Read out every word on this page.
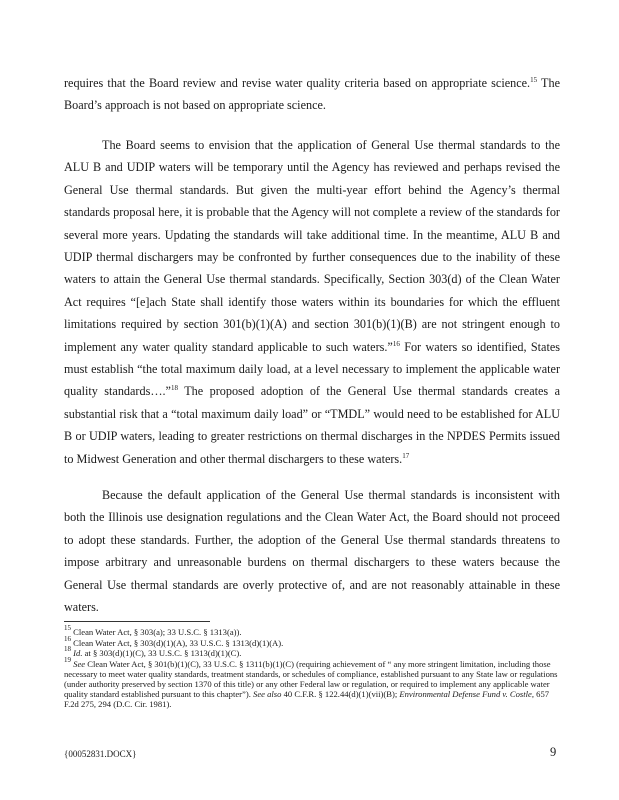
requires that the Board review and revise water quality criteria based on appropriate science.$^{15}$ The Board’s approach is not based on appropriate science.

The Board seems to envision that the application of General Use thermal standards to the ALU B and UDIP waters will be temporary until the Agency has reviewed and perhaps revised the General Use thermal standards. But given the multi-year effort behind the Agency’s thermal standards proposal here, it is probable that the Agency will not complete a review of the standards for several more years. Updating the standards will take additional time. In the meantime, ALU B and UDIP thermal dischargers may be confronted by further consequences due to the inability of these waters to attain the General Use thermal standards. Specifically, Section 303(d) of the Clean Water Act requires “[e]ach State shall identify those waters within its boundaries for which the effluent limitations required by section 301(b)(1)(A) and section 301(b)(1)(B) are not stringent enough to implement any water quality standard applicable to such waters.”$^{16}$ For waters so identified, States must establish “the total maximum daily load, at a level necessary to implement the applicable water quality standards….”$^{18}$ The proposed adoption of the General Use thermal standards creates a substantial risk that a “total maximum daily load” or “TMDL” would need to be established for ALU B or UDIP waters, leading to greater restrictions on thermal discharges in the NPDES Permits issued to Midwest Generation and other thermal dischargers to these waters.$^{17}$

Because the default application of the General Use thermal standards is inconsistent with both the Illinois use designation regulations and the Clean Water Act, the Board should not proceed to adopt these standards. Further, the adoption of the General Use thermal standards threatens to impose arbitrary and unreasonable burdens on thermal dischargers to these waters because the General Use thermal standards are overly protective of, and are not reasonably attainable in these waters.

$^{15}$ Clean Water Act, § 303(a); 33 U.S.C. § 1313(a)).

$^{16}$ Clean Water Act, § 303(d)(1)(A), 33 U.S.C. § 1313(d)(1)(A).

$^{18}$ Id. at § 303(d)(1)(C), 33 U.S.C. § 1313(d)(1)(C).

$^{19}$ See Clean Water Act, § 301(b)(1)(C), 33 U.S.C. § 1311(b)(1)(C) (requiring achievement of “ any more stringent limitation, including those necessary to meet water quality standards, treatment standards, or schedules of compliance, established pursuant to any State law or regulations (under authority preserved by section 1370 of this title) or any other Federal law or regulation, or required to implement any applicable water quality standard established pursuant to this chapter”). See also 40 C.F.R. § 122.44(d)(1)(vii)(B); Environmental Defense Fund v. Costle, 657 F.2d 275, 294 (D.C. Cir. 1981).

{00052831.DOCX}	9
